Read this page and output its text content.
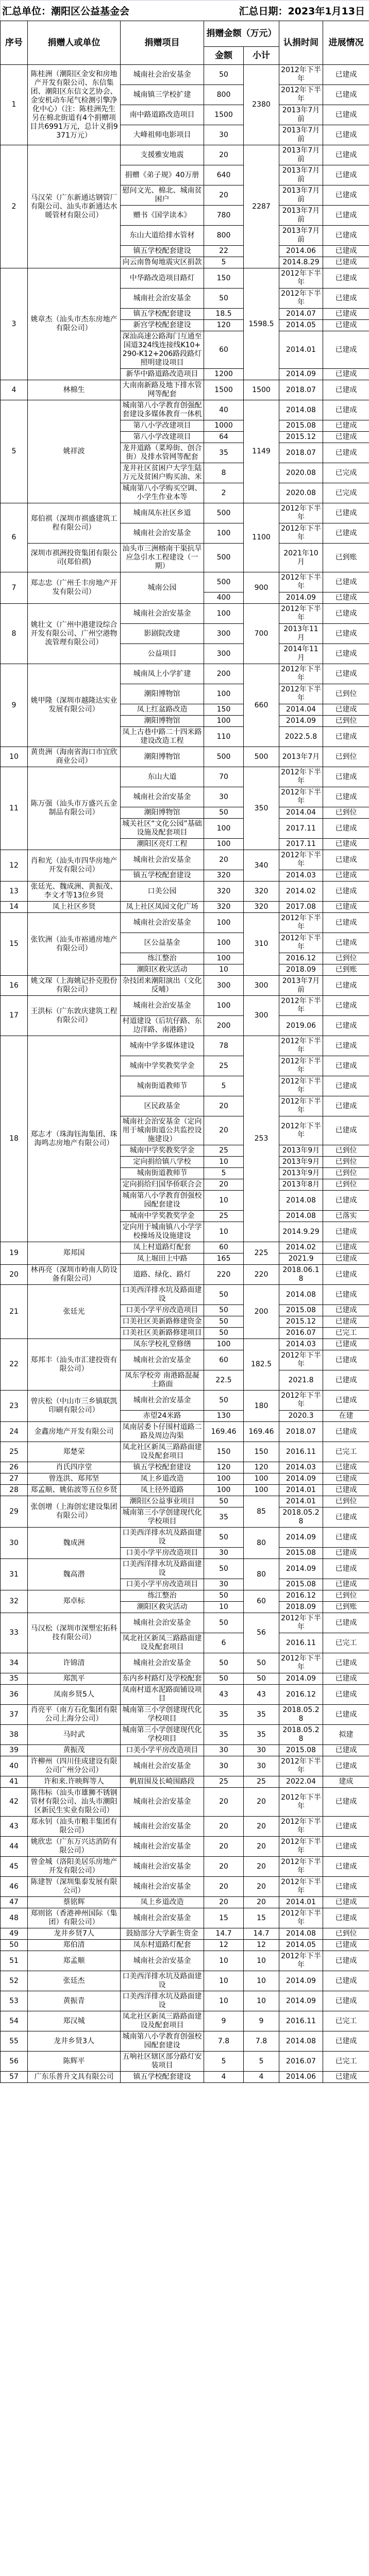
汇总单位：潮阳区公益基金会	汇总日期：2023年1月13日
序号	捐赠人或单位	捐赠项目	捐赠金额（万元）		认捐时间	进展情况
			金额	小计		
1	陈桂洲（潮阳区金安和房地产开发有限公司、东信集团、潮阳区东信文艺协会、金安机动车尾气检测引擎净化中心）（注：陈桂洲先生另在棉北街道有4个捐赠项目共6991万元，总计义捐9371万元）	城南社会治安基金	50	2380	2012年下半年	已建成
		城南镇三学校扩建	800		2012年下半年	已建成
		南中路道路改造项目	1500		2013年7月前	已建成
		大峰祖师电影项目	30		2013年7月前	已建成
2	马汉荣（广东新通达钢管厂有限公司、汕头市新通达水暖管材有限公司）	支援雅安地震	20	2287	2013年7月前	已建成
		捐赠《弟子规》40万册	640		2013年7月前	已建成
		慰问文光、棉北、城南贫困户	20		2013年7月前	已建成
		赠书《国学读本》	780		2013年7月前	已建成
		东山大道给排水管材	800		2013年7月前	已建成
		镇五学校配套建设	22		2014.06	已建成
		向云南鲁甸地震灾区捐款	5		2014.8.29	已建成
3	姚章杰（汕头市杰东房地产有限公司）	中华路改造项目路灯	150	1598.5	2012年下半年	已建成
		城南社会治安基金	50		2012年下半年	已建成
		镇五学校配套建设	18.5		2014.07	已建成
		新宫学校配套建设	120		2014.05	已建成
		深汕高速公路海门互通至国道324线连接线K10+290-K12+206路段路灯照明建设项目	60		2014.01	已建成
		新华中路道路改造项目	1200		2014.09	已建成
4	林棉生	大南南新路及地下排水管网等配套	1500	1500	2018.07	已建成
5	姚祥波	城南第八小学教育创强配套建设多媒体教育一体机	40	1149	2014.08	已建成
		第八小学改建项目	1000		2015.08	已建成
		第八小学改建项目	64		2015.12	已建成
		龙井道路（菜埠街、创合街）及排水管网等配套	35		2018.07	已建成
		龙井社区贫困户大学生陆万元及贫困户购买油、米	8		2020.08	已完成
		城南第八小学购买空调、小学生作业本等	2		2020.08	已完成
6	郑伯祺（深圳市祺盛建筑工程有限公司）	城南凤东社区乡道	500	1100	2012年下半年	已建成
		城南社会治安基金	100		2012年下半年	已建成
	深圳市祺洲投资集团有限公司(郑伯祺)	汕头市三洲榕南干渠抗旱应急引水工程建设（一期）	500		2021年10月	已到账
7	郑志忠（广州壬丰房地产开发有限公司）	城南公园	500	900	2012年下半年	已建成
			400		2014.09	已建成
8	姚壮文（广州中港建设综合开发有限公司、广州空港物流管理有限公司）	城南社会治安基金	100	700	2012年下半年	已建成
		影剧院改建	300		2013年11月	已建成
		公益项目	300		2014年11月	已建成
9	姚甲隆（深圳市越隆达实业发展有限公司）	城南凤上小学扩建	200	660	2012年下半年	已建成
		潮阳博物馆	100		2012年下半年	已到位
		凤上红盆路改造	150		2014.04	已建成
		潮阳博物馆	100		2014.09	已到位
		凤上古巷中路二十四米路建设改造工程	110		2022.5.8	已建成
10	黄贵洲（海南省海口市宜欣商业公司）	潮阳博物馆	500	500	2013年7月	已到位
11	陈万强（汕头市万盛兴五金制品有限公司）	东山大道	70	350	2012年下半年	已建成
		城南社会治安基金	30		2012年下半年	已建成
		潮阳博物馆	50		2014.04	已到位
		城关社区“文化公园”基础设施及配套项目	100		2017.11	已建成
		潮阳区亮灯工程	100		2017.11	已建成
12	肖和光（汕头市四华房地产开发有限公司）	城南社会治安基金	20	340	2012年下半年	已建成
		镇五学校配套建设	320		2014.03	已建成
13	张廷光、魏成洲、黄振茂、李文才等13位乡贤	口美公园	320	320	2014.02	已建成
14	凤上社区乡贤	凤上社区凤园文化广场	320	320	2017.08	已建成
15	张钦洲（汕头市裕通房地产有限公司）	城南社会治安基金	100	310	2012年下半年	已建成
		区公益基金	100		2012年下半年	已建成
		练江整治	100		2016.12	已到位
		潮阳区救灾活动	10		2018.09	已到账
16	姚文琛（上海姚记扑克股份有限公司）	杂技团来潮阳演出（文化反哺）	300	300	2013年7月前	已建成
17	王洪标（广东敦庆建筑工程有限公司）	城南社会治安基金	100	300	2012年下半年	已建成
		村道建设（后坑仔路、东边洋路、南港路）	200		2019.06	已建成
18	郑志才（珠海钰海集团、珠海鸣志房地产有限公司）	城南中学多媒体建设	78	253	2012年下半年	已建成
		城南中学奖教奖学金	25		2012年下半年	已建成
		城南街道教师节	5		2012年下半年	已建成
		区民政基金	20		2012年下半年	已建成
		城南社会治安基金（定向用于城南街道公共监控设施建设）	20		2012年下半年	已建成
		城南中学奖教奖学金	25		2013年9月	已到位
		定向捐给镇八学校	10		2013年9月	已到位
		城南街道教师节	5		2013年9月	已到位
		定向捐给归国华侨联合会	20		2013年8月	已到位
		城南第八小学教育创强校园配套建设	10		2014.08	已建成
		城南中学奖教奖学金	25		2014.08	已落实
		定向用于城南镇八小学学校操场及设施建设	10		2014.9.29	已建成
19	郑邦国	凤上村道路灯配套	60	225	2014.02	已建成
		凤上堀田上中路	165		2021.9	已建成
20	林再亮（深圳市岭南人防设备有限公司）	道路、绿化、路灯	220	220	2018.06.18	已建成
21	张廷光	口美西洋排水坑及路面建设	50	200	2014.08	已建成
		口美小学平房改造项目	50		2015.08	已建成
		口美社区美新路修建资金	50		2015.12	已建成
		口美社区美新路修建项目	50		2016.07	已完工
22	郑邦丰（汕头市汇建投资有限公司）	凤东学校礼堂修缮	100	182.5	2014.03	已建成
		城南社会治安基金	60		2012年下半年	已建成
		凤东学校旁 南港路混凝土路面	22.5		2021.8	已建成
23	曾庆松（中山市三乡镇联凯印刷有限公司）	城南社会治安基金	50	180	2012年下半年	已建成
		赤望24米路	130		2020.3	在建
24	金鑫房地产开发有限公司	凤南居委卜仔围村道路二路及周边沟渠	169.46	169.46	2018.07	已建成
25	郑楚荣	凤北社区新凤三路路面建设及配套项目	150	150	2016.11	已完工
26	肖氏四序堂	镇五学校配套建设	120	120	2014.03	已建成
27	曾连洪、郑邦坚	凤上乡道改造	100	100	2014.09	已建成
28	郑孟顺、姚佑波等五位乡贤	凤上径外道路	100	100	2014.01	已建成
29	张创增（上海创宏建设集团有限公司）	潮阳区公益事业项目	50	85	2014.01	已到位
		城南第三小学创建现代化学校项目	35		2018.05.28	已建成
30	魏成洲	口美西洋排水坑及路面建设	50	80	2014.09	已建成
		口美小学平房改造项目	30		2015.08	已建成
31	魏高潜	口美西洋排水坑及路面建设	50	80	2014.09	已建成
		口美小学平房改造项目	30		2015.08	已建成
32	郑卓标	练江整治	50	60	2016.12	已到位
		潮阳区救灾活动	10		2018.09	已到账
33	马汉松（深圳市深塑宏拓科技有限公司）	城南社会治安基金	50	56	2012年下半年	已建成
		凤北社区新凤三路路面建设及配套项目	6		2016.11	已完工
34	许锦清	城南社会治安基金	50	50	2012年下半年	已建成
35	郑凯平	东内乡村路灯及学校配套	50	50	2014.09	已建成
36	凤南乡贤5人	凤南村道水泥路面铺设项目	43	43	2016.12	已建成
37	肖亮平（南方石化集团有限公司上海分公司）	城南第三小学创建现代化学校项目	35	35	2018.05.28	已建成
38	马时武	城南第三小学创建现代化学校项目	35	35	2018.05.28	拟建
39	黄振茂	口美小学平房改造项目	30	30	2015.08	已建成
40	许柳州（四川佳成建设有限公司广州分公司）	城南社会治安基金	30	30	2012年下半年	已建成
41	许和来.许映辉等人	帆眉围及长崎围路段	25	25	2022.04	建成
42	陈伟标（汕头市雄狮不锈钢管材有限公司、汕头市潮阳区新民生实业有限公司）	城南社会治安基金	20	20	2012年下半年	已建成
43	郑永钊（汕头市粮丰集团有限公司）	城南社会治安基金	20	20	2012年下半年	已建成
44	姚欣忠（广东万兴达消防有限公司）	城南社会治安基金	20	20	2012年下半年	已建成
45	曾金城（洛阳美居乐房地产开发有限公司）	城南社会治安基金	20	20	2012年下半年	已建成
46	陈建智（深圳集泰发展有限公司）	城南社会治安基金	20	20	2012年下半年	已建成
47	蔡铭辉	凤上乡道改造	20	20	2014.01	已建成
48	郑则铭（香港神州国际（集团）有限公司）	城南社会治安基金	15	15	2012年下半年	已建成
49	龙井乡贤7人	鼓励部分大学新生资金	14.7	14.7	2014.08	已到位
50	郑伯清	凤东村道路灯配套	12	12	2014.05	已建成
51	郑孟顺	城南社会治安基金	10	10	2012年下半年	已建成
52	张廷杰	口美西洋排水坑及路面建设	10	10	2014.09	已建成
53	黄振青	口美西洋排水坑及路面建设	10	10	2014.09	已建成
54	郑汉城	凤北社区新凤三路路面建设及配套项目	9	9	2016.11	已完工
55	龙井乡贤3人	城南第八小学教育创强校园配套建设	7.8	7.8	2014.08	已建成
56	陈辉平	五响社区辖区部分路灯安装项目	5	5	2016.07	已完工
57	广东乐普升文具有限公司	镇五学校配套建设	4	4	2014.06	已建成
